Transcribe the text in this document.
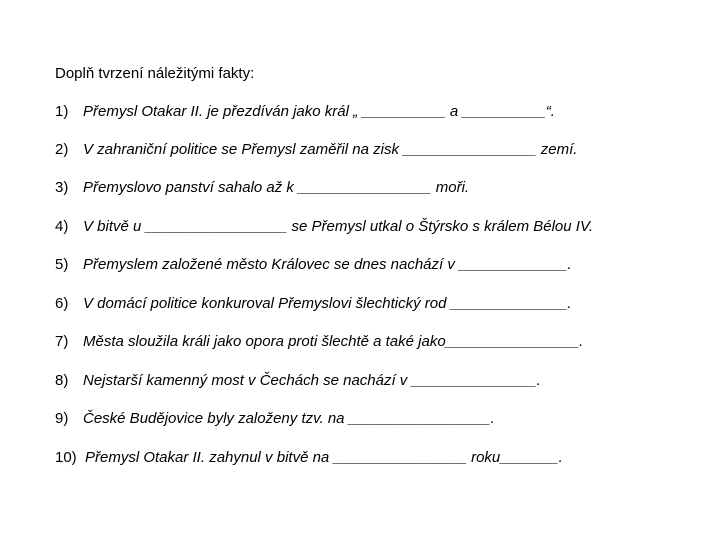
Doplň tvrzení náležitými fakty:
1) Přemysl Otakar II. je přezdíván jako král „ __________ a __________“.
2) V zahraniční politice se Přemysl zaměřil na zisk ________________ zemí.
3) Přemyslovo panství sahalo až k ________________ moři.
4) V bitvě u _________________ se Přemysl utkal o Štýrsko s králem Bélou IV.
5) Přemyslem založené město Královec se dnes nachází v _____________.
6) V domácí politice konkuroval Přemyslovi šlechtický rod ______________.
7) Města sloužila králi jako opora proti šlechtě a také jako________________.
8) Nejstarší kamenný most v Čechách se nachází v _______________.
9) České Budějovice byly založeny tzv. na _________________.
10) Přemysl Otakar II. zahynul v bitvě na ________________ roku_______.
